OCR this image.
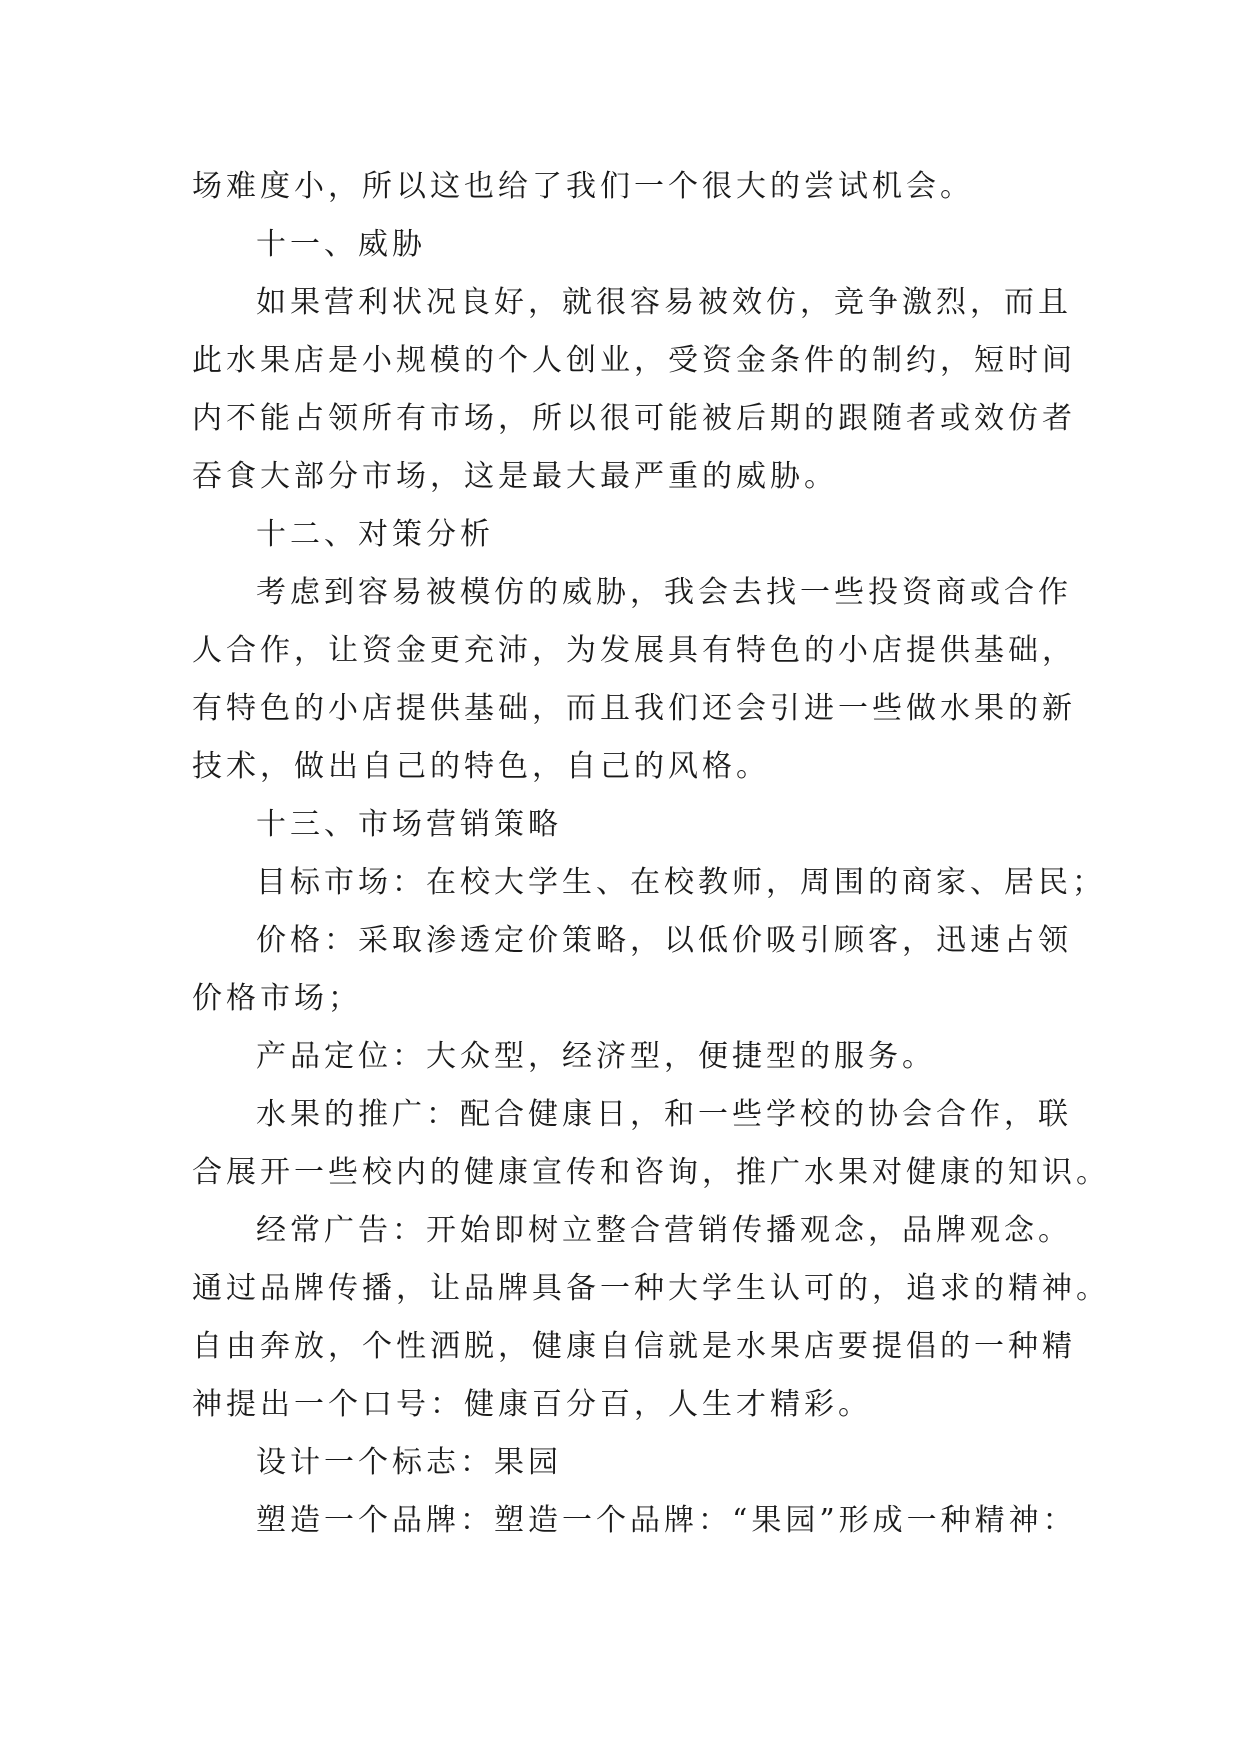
场难度小，所以这也给了我们一个很大的尝试机会。
十一、威胁
如果营利状况良好，就很容易被效仿，竞争激烈，而且
此水果店是小规模的个人创业，受资金条件的制约，短时间
内不能占领所有市场，所以很可能被后期的跟随者或效仿者
吞食大部分市场，这是最大最严重的威胁。
十二、对策分析
考虑到容易被模仿的威胁，我会去找一些投资商或合作
人合作，让资金更充沛，为发展具有特色的小店提供基础，
有特色的小店提供基础，而且我们还会引进一些做水果的新
技术，做出自己的特色，自己的风格。
十三、市场营销策略
目标市场：在校大学生、在校教师，周围的商家、居民；
价格：采取渗透定价策略，以低价吸引顾客，迅速占领
价格市场；
产品定位：大众型，经济型，便捷型的服务。
水果的推广：配合健康日，和一些学校的协会合作，联
合展开一些校内的健康宣传和咨询，推广水果对健康的知识。
经常广告：开始即树立整合营销传播观念，品牌观念。
通过品牌传播，让品牌具备一种大学生认可的，追求的精神。
自由奔放，个性洒脱，健康自信就是水果店要提倡的一种精
神提出一个口号：健康百分百，人生才精彩。
设计一个标志：果园
塑造一个品牌：塑造一个品牌：“果园”形成一种精神：
